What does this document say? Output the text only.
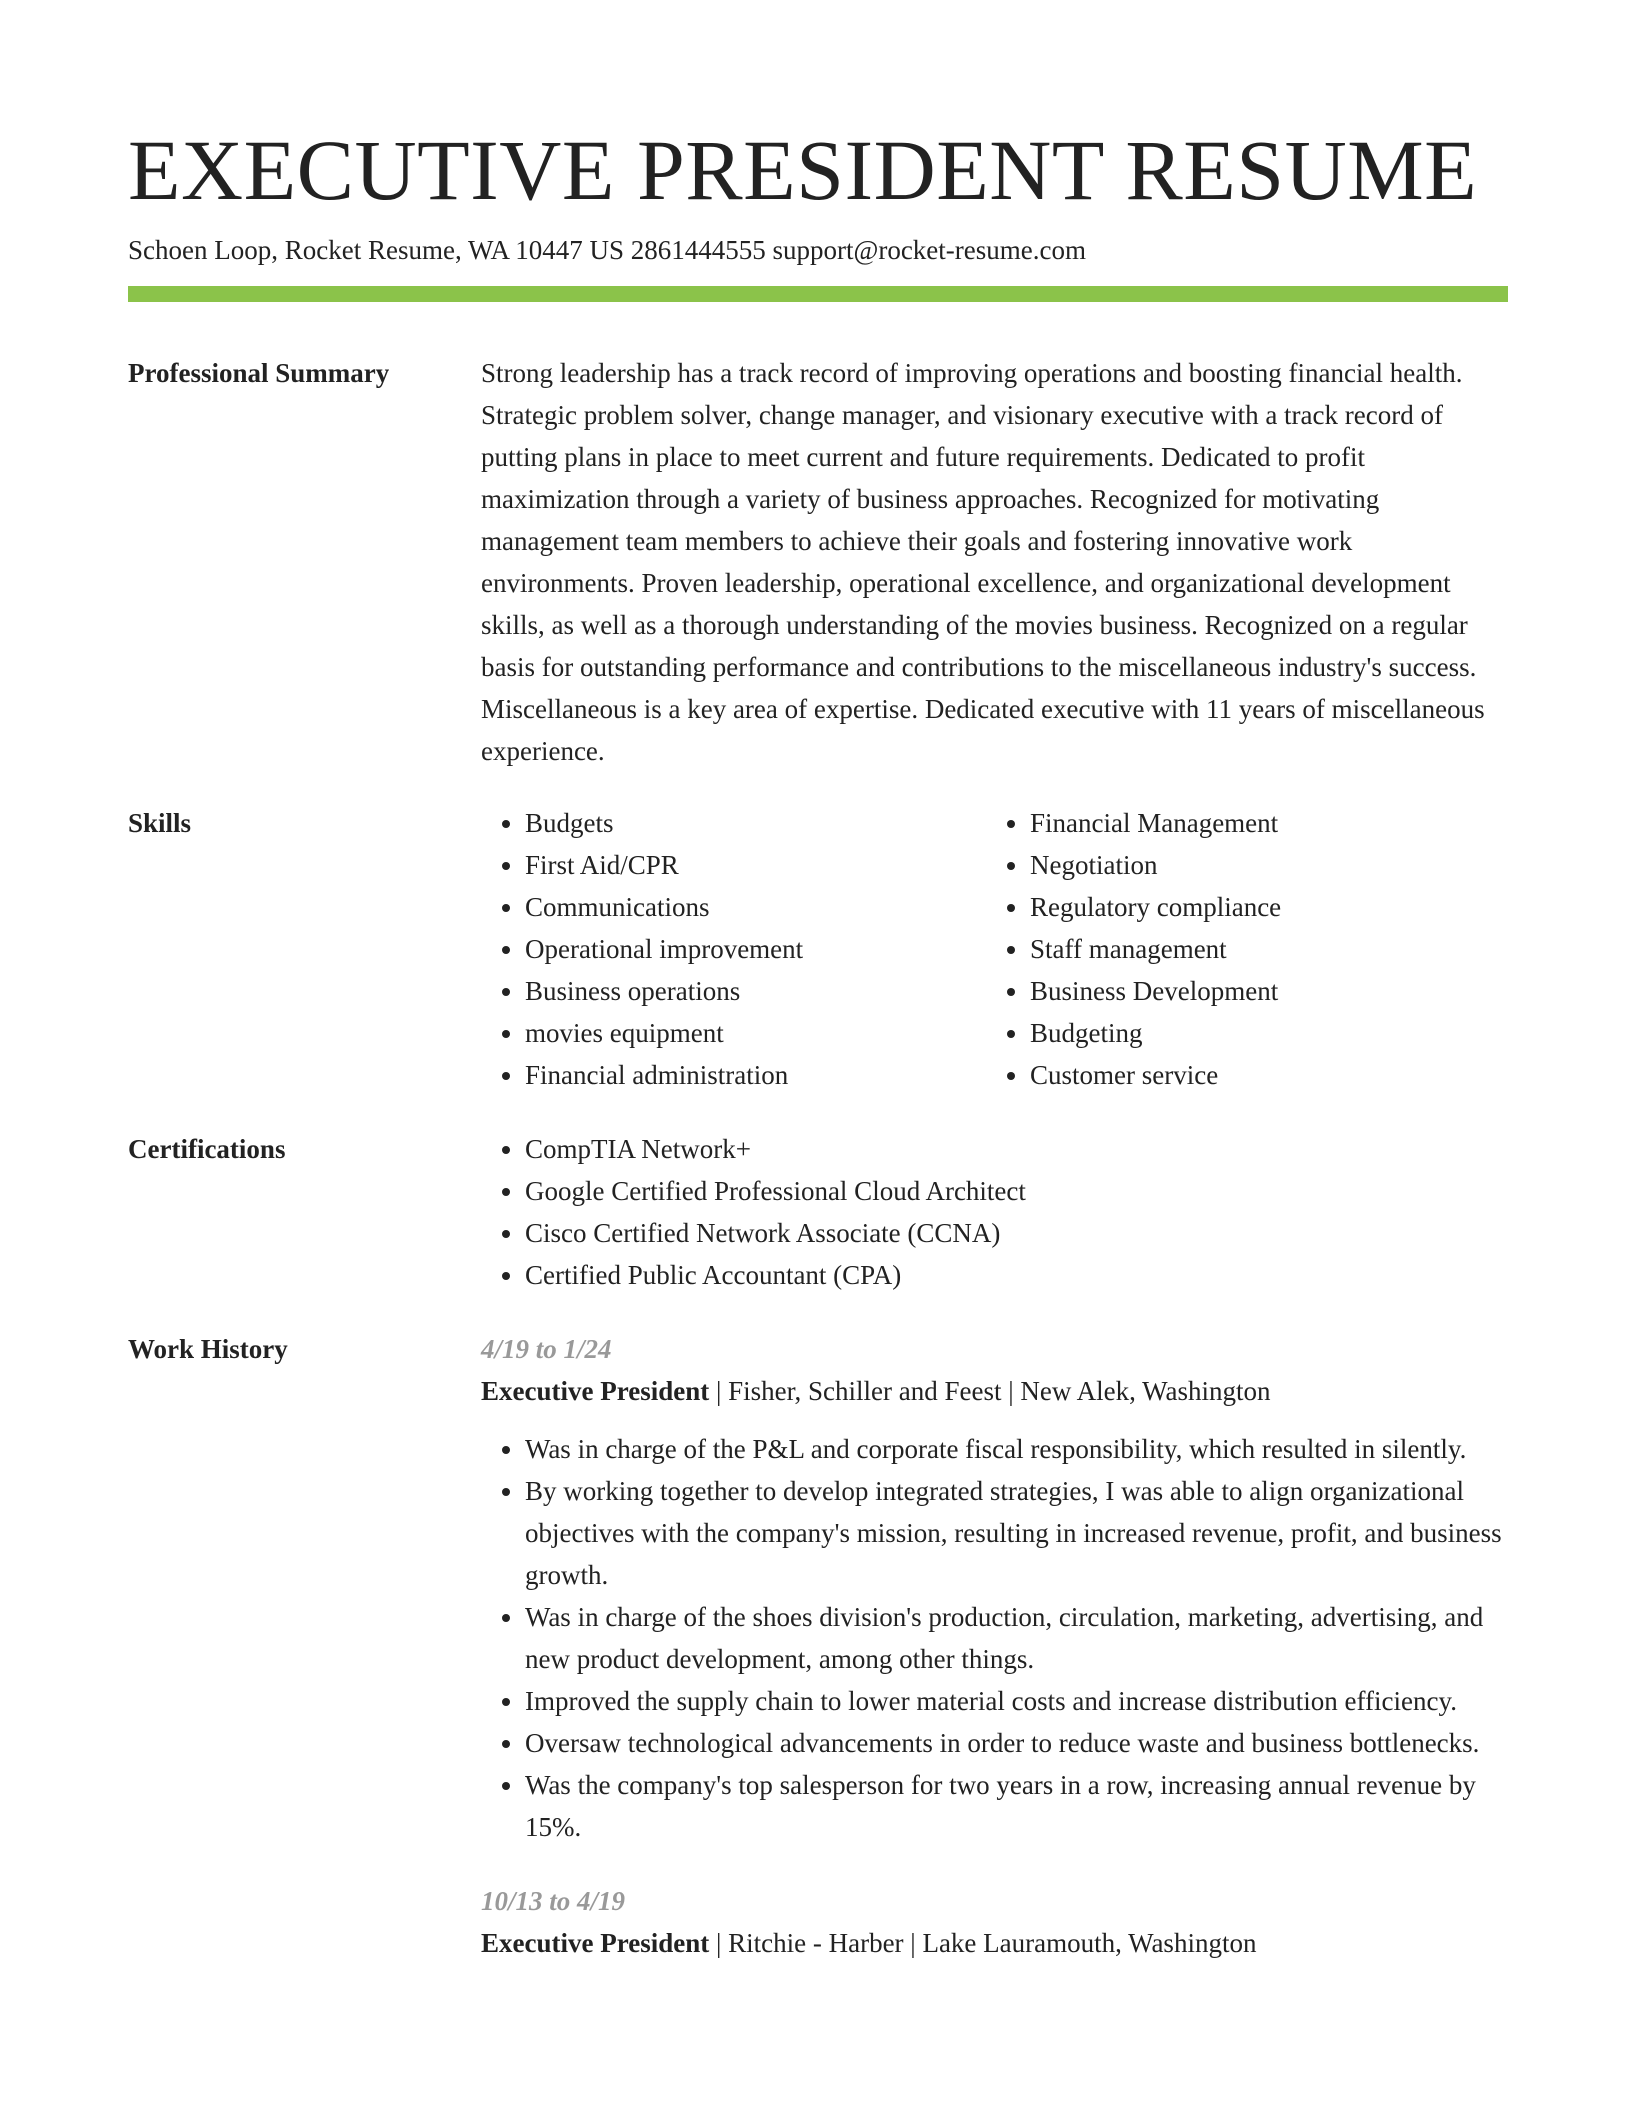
EXECUTIVE PRESIDENT RESUME
Schoen Loop, Rocket Resume, WA 10447 US 2861444555 support@rocket-resume.com
Professional Summary	Strong leadership has a track record of improving operations and boosting financial health. Strategic problem solver, change manager, and visionary executive with a track record of putting plans in place to meet current and future requirements. Dedicated to profit maximization through a variety of business approaches. Recognized for motivating management team members to achieve their goals and fostering innovative work environments. Proven leadership, operational excellence, and organizational development skills, as well as a thorough understanding of the movies business. Recognized on a regular basis for outstanding performance and contributions to the miscellaneous industry's success. Miscellaneous is a key area of expertise. Dedicated executive with 11 years of miscellaneous experience.
Skills	• Budgets
• First Aid/CPR
• Communications
• Operational improvement
• Business operations
• movies equipment
• Financial administration
• Financial Management
• Negotiation
• Regulatory compliance
• Staff management
• Business Development
• Budgeting
• Customer service
Certifications	• CompTIA Network+
• Google Certified Professional Cloud Architect
• Cisco Certified Network Associate (CCNA)
• Certified Public Accountant (CPA)
Work History	4/19 to 1/24
Executive President | Fisher, Schiller and Feest | New Alek, Washington
• Was in charge of the P&L and corporate fiscal responsibility, which resulted in silently.
• By working together to develop integrated strategies, I was able to align organizational objectives with the company's mission, resulting in increased revenue, profit, and business growth.
• Was in charge of the shoes division's production, circulation, marketing, advertising, and new product development, among other things.
• Improved the supply chain to lower material costs and increase distribution efficiency.
• Oversaw technological advancements in order to reduce waste and business bottlenecks.
• Was the company's top salesperson for two years in a row, increasing annual revenue by 15%.
10/13 to 4/19
Executive President | Ritchie - Harber | Lake Lauramouth, Washington
